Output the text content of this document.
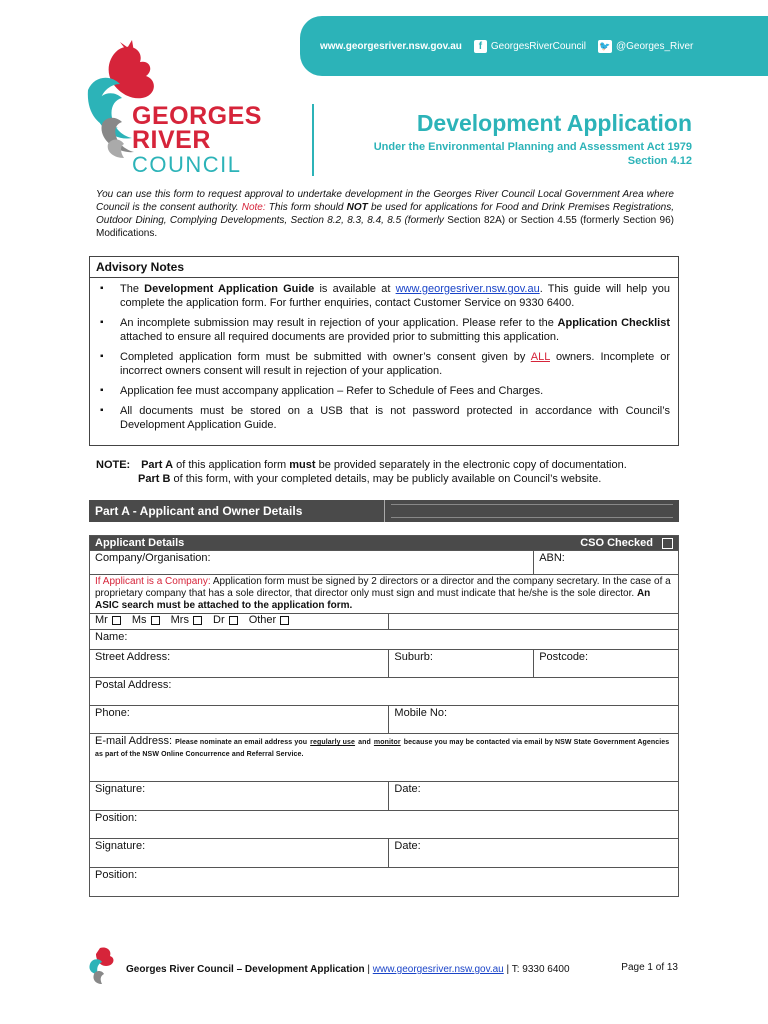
www.georgesriver.nsw.gov.au	f GeorgesRiverCouncil 🐦 @Georges_River
GEORGES
RIVER
COUNCIL
Development Application
Under the Environmental Planning and Assessment Act 1979
Section 4.12
You can use this form to request approval to undertake development in the Georges River Council Local Government Area where Council is the consent authority. Note: This form should NOT be used for applications for Food and Drink Premises Registrations, Outdoor Dining, Complying Developments, Section 8.2, 8.3, 8.4, 8.5 (formerly Section 82A) or Section 4.55 (formerly Section 96) Modifications.
Advisory Notes
▪ The Development Application Guide is available at www.georgesriver.nsw.gov.au. This guide will help you complete the application form. For further enquiries, contact Customer Service on 9330 6400.
▪ An incomplete submission may result in rejection of your application. Please refer to the Application Checklist attached to ensure all required documents are provided prior to submitting this application.
▪ Completed application form must be submitted with owner’s consent given by ALL owners. Incomplete or incorrect owners consent will result in rejection of your application.
▪ Application fee must accompany application – Refer to Schedule of Fees and Charges.
▪ All documents must be stored on a USB that is not password protected in accordance with Council’s Development Application Guide.
NOTE: Part A of this application form must be provided separately in the electronic copy of documentation.
Part B of this form, with your completed details, may be publicly available on Council’s website.
Part A - Applicant and Owner Details
Applicant Details		CSO Checked
Company/Organisation:		ABN:
If Applicant is a Company: Application form must be signed by 2 directors or a director and the company secretary. In the case of a proprietary company that has a sole director, that director only must sign and must indicate that he/she is the sole director. An ASIC search must be attached to the application form.		
Mr Ms Mrs Dr Other		
Name:		
Street Address:	Suburb:	Postcode:
Postal Address:		
Phone:	Mobile No:	
E-mail Address: Please nominate an email address you regularly use and monitor because you may be contacted via email by NSW State Government Agencies as part of the NSW Online Concurrence and Referral Service.		
Signature:	Date:	
Position:		
Signature:	Date:	
Position:		
Georges River Council – Development Application | www.georgesriver.nsw.gov.au | T: 9330 6400	Page 1 of 13
